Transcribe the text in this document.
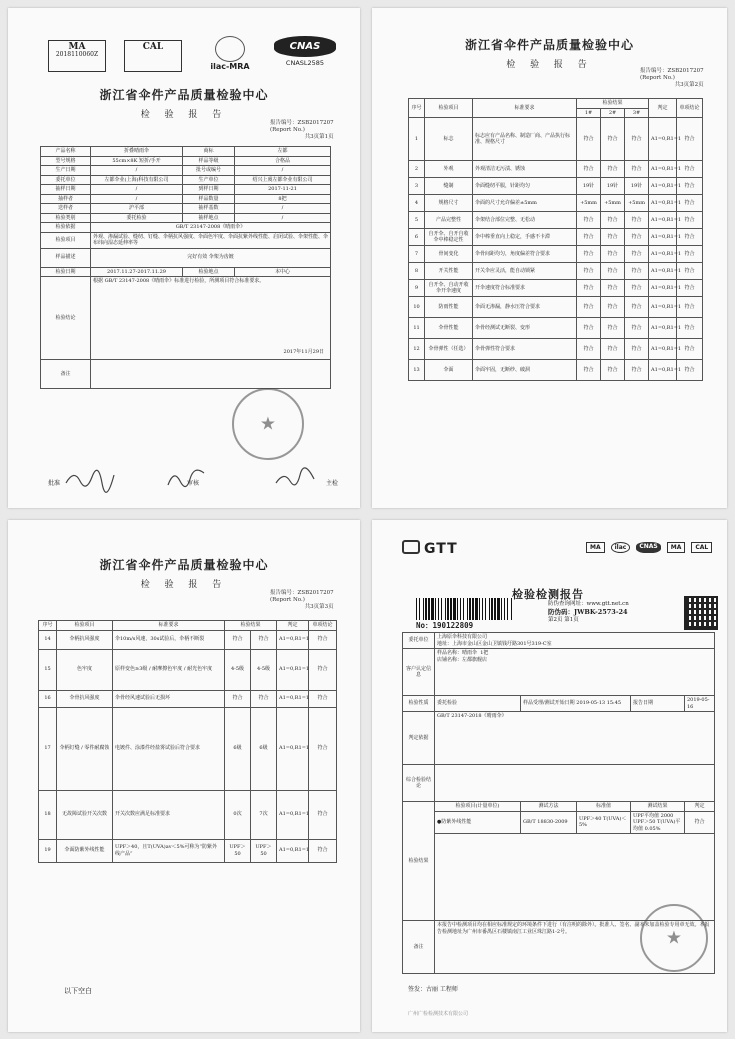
MA
2018110060Z
CAL
ilac-MRA
CNAS
CNASL2585
浙江省伞件产品质量检验中心
检 验 报 告
报告编号：ZSB2017207
(Report No.)
共3页第1页
产品名称	折叠晴雨伞	商标	左都
型号规格	55cm×8K 短折/手开	样品等级	合格品
生产日期	/	批号或编号	/
委托单位	左都伞业(上海)科技有限公司	生产单位	绍兴上虞左都伞业有限公司
抽样日期	/	到样日期	2017-11-21
抽样者	/	样品数量	8把
送样者	沪平部	抽样基数	/
检验类别	委托检验	抽样地点	/
检验依据	GB/T 23147-2008《晴雨伞》		
检验项目	外观、渗漏试验、缝纫、钉缝、伞柄抗风强度、伞面色牢度、伞面抗紫外线性能、启闭试验、伞架性能、伞布纬向湿态延伸率等		
样品描述	完好有效 伞架为齿镀		
检验日期	2017.11.27-2017.11.29	检验地点	本中心
检验结论	根据 GB/T 23147-2008《晴雨伞》标准进行检验，所测项目符合标准要求。
2017年11月29日		

备注			
★
批准	审核	主检
浙江省伞件产品质量检验中心
检 验 报 告
报告编号：ZSB2017207
(Report No.)
共3页第2页
序号	检验项目	标准要求	检验结果			判定	单项结论
			1#	2#	3#		
1	标志	标志应有产品名称、制造厂商、产品执行标准、规格尺寸	符合	符合	符合	A1=0,R1=1	符合
2	外观	外观清洁无污渍、锈蚀	符合	符合	符合	A1=0,R1=1	符合
3	缝制	伞面缝纫平服，针距均匀	19针	19针	19针	A1=0,R1=1	符合
4	规格尺寸	伞面的尺寸允许偏差±5mm	+5mm	+5mm	+5mm	A1=0,R1=1	符合
5	产品完整性	伞架结合部位完整、无松动	符合	符合	符合	A1=0,R1=1	符合
6	自开伞、自开自收伞中棒稳定性	伞中棒垂直向上稳定，手感不卡滞	符合	符合	符合	A1=0,R1=1	符合
7	骨间变化	伞骨间距均匀，角度偏差符合要求	符合	符合	符合	A1=0,R1=1	符合
8	开关性能	开关伞应灵活，能自动锁紧	符合	符合	符合	A1=0,R1=1	符合
9	自开伞、自动开收伞开伞速度	开伞速度符合标准要求	符合	符合	符合	A1=0,R1=1	符合
10	防雨性能	伞面无渗漏，静水压符合要求	符合	符合	符合	A1=0,R1=1	符合
11	伞骨性能	伞骨经测试无断裂、变形	符合	符合	符合	A1=0,R1=1	符合
12	伞骨弹性（任选）	伞骨弹性符合要求	符合	符合	符合	A1=0,R1=1	符合
13	伞面	伞面牢固，无断纱、破洞	符合	符合	符合	A1=0,R1=1	符合
浙江省伞件产品质量检验中心
检 验 报 告
报告编号：ZSB2017207
(Report No.)
共3页第3页
序号	检验项目	标准要求	检验结果		判定	单项结论
14	伞柄抗风强度	伞10m/s风速，30s试验后，伞柄不断裂	符合	符合	A1=0,R1=1	符合
15	色牢度	原样变色≥3级 / 耐摩擦色牢度 / 耐光色牢度	4-5级	4-5级	A1=0,R1=1	符合
16	伞骨抗风强度	伞骨经风速试验后无损坏	符合	符合	A1=0,R1=1	符合
17	伞柄钉缝 / 零件耐腐蚀	电镀件、涂漆件经盐雾试验后符合要求	6级	6级	A1=0,R1=1	符合
18	无故障试验开关次数	开关次数应满足标准要求	0次	7次	A1=0,R1=1	符合
19	伞面防紫外线性能	UPF＞40，且T(UVA)av＜5%可称为“防紫外线产品”	UPF＞50	UPF＞50	A1=0,R1=1	符合
以下空白
GTT	MA	ilac	CNAS	MA	CAL
检验检测报告
No：190122809
防伪查询网址：www.gtt.net.cn
防伪码：JWBK-2573-24
第2页 第1页
委托单位	上海原伞科技有限公司
地址：上海市金山区金山卫镇钱圩路301号319-C室				

客户认定信息	样品名称：晴雨伞 1把
店铺名称：左都旗舰店				

检验性质	委托检验	样品受理/测试开始日期 2019-05-13 15:45		报告日期	2019-05-16
判定依据	GB/T 23147-2018《晴雨伞》				
综合检验结论					
检验结果	检验项目(计量单位)	测试方法	标准值	测试结果	判定
	●防紫外线性能	GB/T 18830-2009	UPF＞40 T(UVA)＜5%	UPF平均值 2000 UPF＞50 T(UVA)平均值 0.05%	符合

备注	本报告中检测项目均在相应标准规定的环境条件下进行（有注明的除外）。批准人、签名、副本未加盖检验专用章无效。本报告检测地址为广州市番禺区石楼镇南江工业区珠江路1-2号。				
★
签发：古丽 工程师
广州广检检测技术有限公司
